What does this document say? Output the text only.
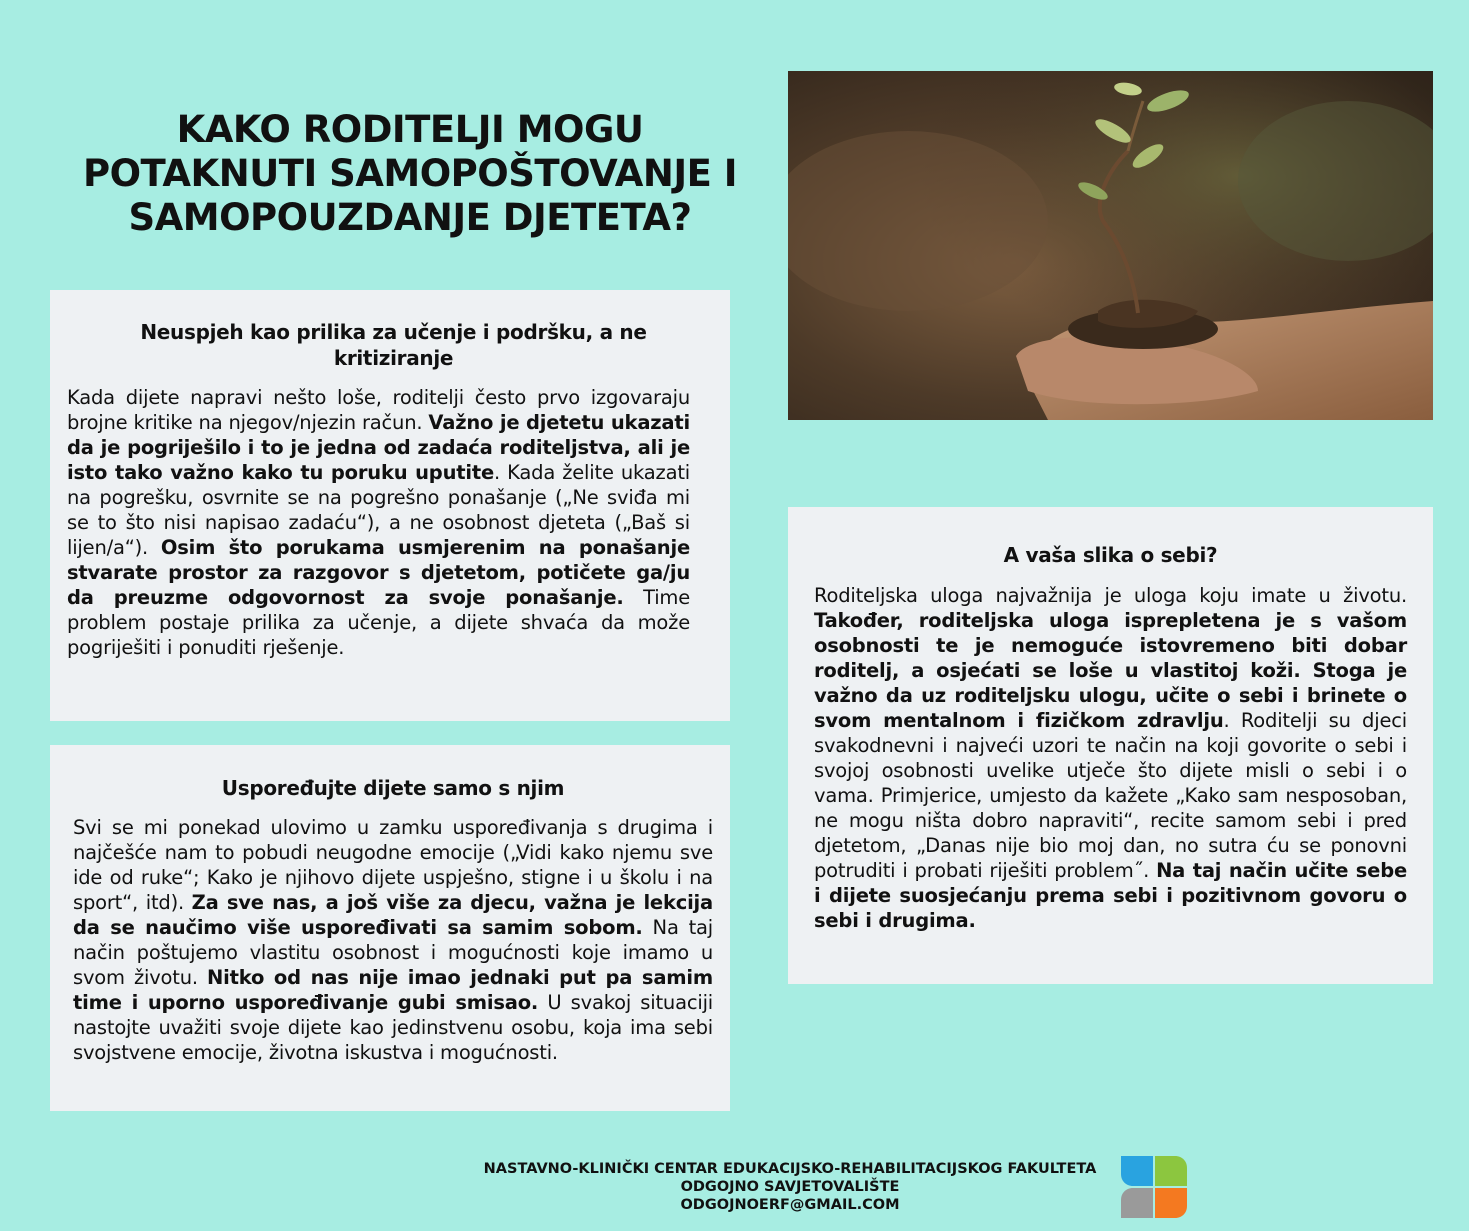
KAKO RODITELJI MOGU
POTAKNUTI SAMOPOŠTOVANJE I
SAMOPOUZDANJE DJETETA?
Neuspjeh kao prilika za učenje i podršku, a ne kritiziranje

Kada dijete napravi nešto loše, roditelji često prvo izgovaraju brojne kritike na njegov/njezin račun. Važno je djetetu ukazati da je pogriješilo i to je jedna od zadaća roditeljstva, ali je isto tako važno kako tu poruku uputite. Kada želite ukazati na pogrešku, osvrnite se na pogrešno ponašanje („Ne sviđa mi se to što nisi napisao zadaću“), a ne osobnost djeteta („Baš si lijen/a“). Osim što porukama usmjerenim na ponašanje stvarate prostor za razgovor s djetetom, potičete ga/ju da preuzme odgovornost za svoje ponašanje. Time problem postaje prilika za učenje, a dijete shvaća da može pogriješiti i ponuditi rješenje.

Uspoređujte dijete samo s njim

Svi se mi ponekad ulovimo u zamku uspoređivanja s drugima i najčešće nam to pobudi neugodne emocije („Vidi kako njemu sve ide od ruke“; Kako je njihovo dijete uspješno, stigne i u školu i na sport“, itd). Za sve nas, a još više za djecu, važna je lekcija da se naučimo više uspoređivati sa samim sobom. Na taj način poštujemo vlastitu osobnost i mogućnosti koje imamo u svom životu. Nitko od nas nije imao jednaki put pa samim time i uporno uspoređivanje gubi smisao. U svakoj situaciji nastojte uvažiti svoje dijete kao jedinstvenu osobu, koja ima sebi svojstvene emocije, životna iskustva i mogućnosti.

A vaša slika o sebi?

Roditeljska uloga najvažnija je uloga koju imate u životu. Također, roditeljska uloga isprepletena je s vašom osobnosti te je nemoguće istovremeno biti dobar roditelj, a osjećati se loše u vlastitoj koži. Stoga je važno da uz roditeljsku ulogu, učite o sebi i brinete o svom mentalnom i fizičkom zdravlju. Roditelji su djeci svakodnevni i najveći uzori te način na koji govorite o sebi i svojoj osobnosti uvelike utječe što dijete misli o sebi i o vama. Primjerice, umjesto da kažete „Kako sam nesposoban, ne mogu ništa dobro napraviti“, recite samom sebi i pred djetetom, „Danas nije bio moj dan, no sutra ću se ponovni potruditi i probati riješiti problem˝. Na taj način učite sebe i dijete suosjećanju prema sebi i pozitivnom govoru o sebi i drugima.

NASTAVNO-KLINIČKI CENTAR EDUKACIJSKO-REHABILITACIJSKOG FAKULTETA
ODGOJNO SAVJETOVALIŠTE
ODGOJNOERF@GMAIL.COM
